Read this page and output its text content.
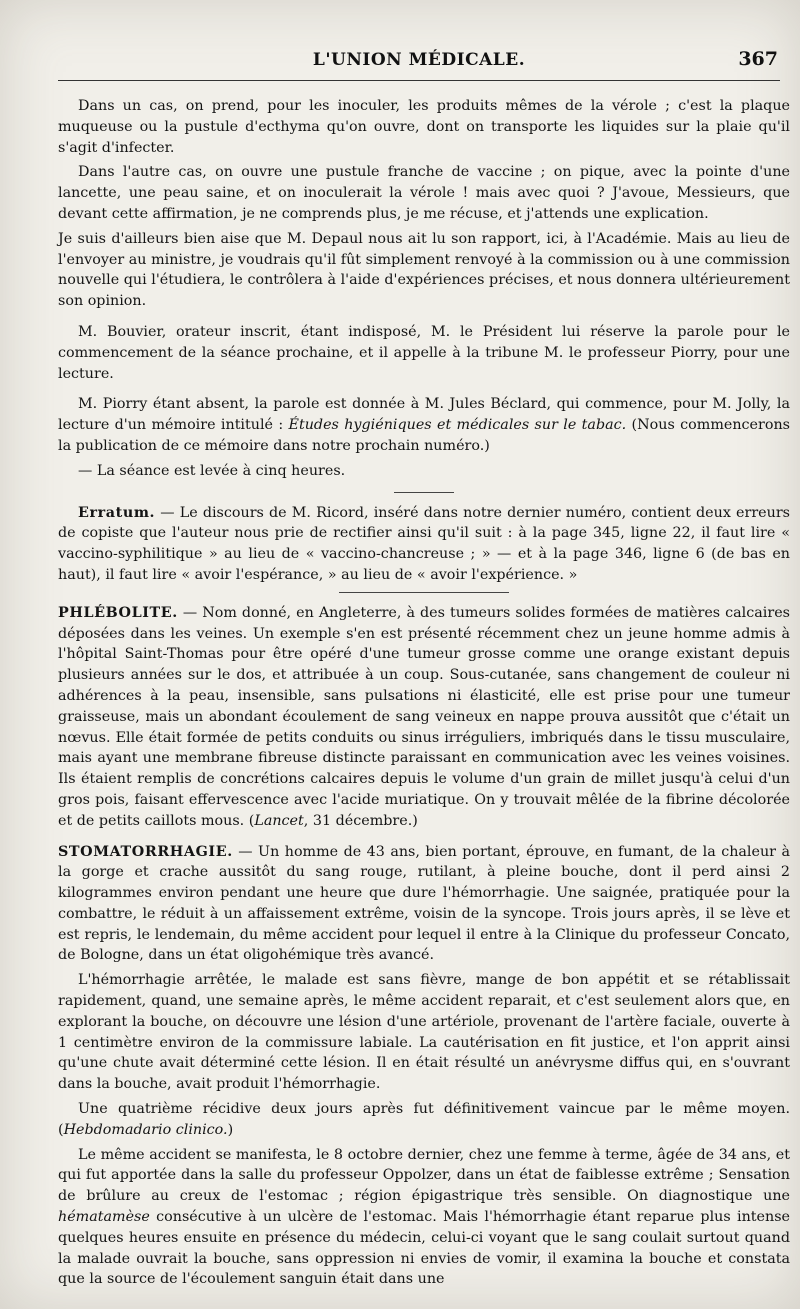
L'UNION MÉDICALE.	367

Dans un cas, on prend, pour les inoculer, les produits mêmes de la vérole ; c'est la plaque muqueuse ou la pustule d'ecthyma qu'on ouvre, dont on transporte les liquides sur la plaie qu'il s'agit d'infecter.

Dans l'autre cas, on ouvre une pustule franche de vaccine ; on pique, avec la pointe d'une lancette, une peau saine, et on inoculerait la vérole ! mais avec quoi ? J'avoue, Messieurs, que devant cette affirmation, je ne comprends plus, je me récuse, et j'attends une explication.

Je suis d'ailleurs bien aise que M. Depaul nous ait lu son rapport, ici, à l'Académie. Mais au lieu de l'envoyer au ministre, je voudrais qu'il fût simplement renvoyé à la commission ou à une commission nouvelle qui l'étudiera, le contrôlera à l'aide d'expériences précises, et nous donnera ultérieurement son opinion.

M. Bouvier, orateur inscrit, étant indisposé, M. le Président lui réserve la parole pour le commencement de la séance prochaine, et il appelle à la tribune M. le professeur Piorry, pour une lecture.

M. Piorry étant absent, la parole est donnée à M. Jules Béclard, qui commence, pour M. Jolly, la lecture d'un mémoire intitulé : Études hygiéniques et médicales sur le tabac. (Nous commencerons la publication de ce mémoire dans notre prochain numéro.)

— La séance est levée à cinq heures.

Erratum. — Le discours de M. Ricord, inséré dans notre dernier numéro, contient deux erreurs de copiste que l'auteur nous prie de rectifier ainsi qu'il suit : à la page 345, ligne 22, il faut lire « vaccino-syphilitique » au lieu de « vaccino-chancreuse ; » — et à la page 346, ligne 6 (de bas en haut), il faut lire « avoir l'espérance, » au lieu de « avoir l'expérience. »

PHLÉBOLITE. — Nom donné, en Angleterre, à des tumeurs solides formées de matières calcaires déposées dans les veines. Un exemple s'en est présenté récemment chez un jeune homme admis à l'hôpital Saint-Thomas pour être opéré d'une tumeur grosse comme une orange existant depuis plusieurs années sur le dos, et attribuée à un coup. Sous-cutanée, sans changement de couleur ni adhérences à la peau, insensible, sans pulsations ni élasticité, elle est prise pour une tumeur graisseuse, mais un abondant écoulement de sang veineux en nappe prouva aussitôt que c'était un nœvus. Elle était formée de petits conduits ou sinus irréguliers, imbriqués dans le tissu musculaire, mais ayant une membrane fibreuse distincte paraissant en communication avec les veines voisines. Ils étaient remplis de concrétions calcaires depuis le volume d'un grain de millet jusqu'à celui d'un gros pois, faisant effervescence avec l'acide muriatique. On y trouvait mêlée de la fibrine décolorée et de petits caillots mous. (Lancet, 31 décembre.)

STOMATORRHAGIE. — Un homme de 43 ans, bien portant, éprouve, en fumant, de la chaleur à la gorge et crache aussitôt du sang rouge, rutilant, à pleine bouche, dont il perd ainsi 2 kilogrammes environ pendant une heure que dure l'hémorrhagie. Une saignée, pratiquée pour la combattre, le réduit à un affaissement extrême, voisin de la syncope. Trois jours après, il se lève et est repris, le lendemain, du même accident pour lequel il entre à la Clinique du professeur Concato, de Bologne, dans un état oligohémique très avancé.

L'hémorrhagie arrêtée, le malade est sans fièvre, mange de bon appétit et se rétablissait rapidement, quand, une semaine après, le même accident reparait, et c'est seulement alors que, en explorant la bouche, on découvre une lésion d'une artériole, provenant de l'artère faciale, ouverte à 1 centimètre environ de la commissure labiale. La cautérisation en fit justice, et l'on apprit ainsi qu'une chute avait déterminé cette lésion. Il en était résulté un anévrysme diffus qui, en s'ouvrant dans la bouche, avait produit l'hémorrhagie.

Une quatrième récidive deux jours après fut définitivement vaincue par le même moyen. (Hebdomadario clinico.)

Le même accident se manifesta, le 8 octobre dernier, chez une femme à terme, âgée de 34 ans, et qui fut apportée dans la salle du professeur Oppolzer, dans un état de faiblesse extrême ; Sensation de brûlure au creux de l'estomac ; région épigastrique très sensible. On diagnostique une hématamèse consécutive à un ulcère de l'estomac. Mais l'hémorrhagie étant reparue plus intense quelques heures ensuite en présence du médecin, celui-ci voyant que le sang coulait surtout quand la malade ouvrait la bouche, sans oppression ni envies de vomir, il examina la bouche et constata que la source de l'écoulement sanguin était dans une
